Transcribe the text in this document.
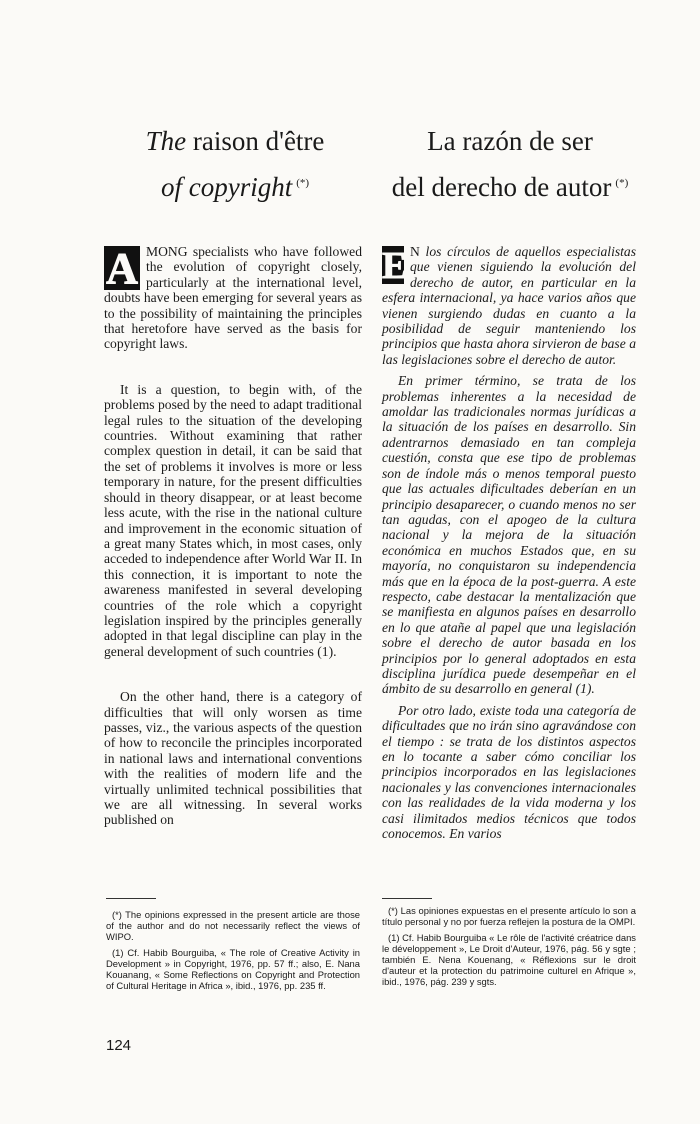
The raison d'être
of copyright (*)
La razón de ser
del derecho de autor (*)

A MONG specialists who have followed the evolution of copyright closely, particularly at the international level, doubts have been emerging for several years as to the possibility of maintaining the principles that heretofore have served as the basis for copyright laws.

It is a question, to begin with, of the problems posed by the need to adapt traditional legal rules to the situation of the developing countries. Without examining that rather complex question in detail, it can be said that the set of problems it involves is more or less temporary in nature, for the present difficulties should in theory disappear, or at least become less acute, with the rise in the national culture and improvement in the economic situation of a great many States which, in most cases, only acceded to independence after World War II. In this connection, it is important to note the awareness manifested in several developing countries of the role which a copyright legislation inspired by the principles generally adopted in that legal discipline can play in the general development of such countries (1).

On the other hand, there is a category of difficulties that will only worsen as time passes, viz., the various aspects of the question of how to reconcile the principles incorporated in national laws and international conventions with the realities of modern life and the virtually unlimited technical possibilities that we are all witnessing. In several works published on

E N los círculos de aquellos especialistas que vienen siguiendo la evolución del derecho de autor, en particular en la esfera internacional, ya hace varios años que vienen surgiendo dudas en cuanto a la posibilidad de seguir manteniendo los principios que hasta ahora sirvieron de base a las legislaciones sobre el derecho de autor.

En primer término, se trata de los problemas inherentes a la necesidad de amoldar las tradicionales normas jurídicas a la situación de los países en desarrollo. Sin adentrarnos demasiado en tan compleja cuestión, consta que ese tipo de problemas son de índole más o menos temporal puesto que las actuales dificultades deberían en un principio desaparecer, o cuando menos no ser tan agudas, con el apogeo de la cultura nacional y la mejora de la situación económica en muchos Estados que, en su mayoría, no conquistaron su independencia más que en la época de la post-guerra. A este respecto, cabe destacar la mentalización que se manifiesta en algunos países en desarrollo en lo que atañe al papel que una legislación sobre el derecho de autor basada en los principios por lo general adoptados en esta disciplina jurídica puede desempeñar en el ámbito de su desarrollo en general (1).

Por otro lado, existe toda una categoría de dificultades que no irán sino agravándose con el tiempo : se trata de los distintos aspectos en lo tocante a saber cómo conciliar los principios incorporados en las legislaciones nacionales y las convenciones internacionales con las realidades de la vida moderna y los casi ilimitados medios técnicos que todos conocemos. En varios

(*) The opinions expressed in the present article are those of the author and do not necessarily reflect the views of WIPO.

(1) Cf. Habib Bourguiba, « The role of Creative Activity in Development » in Copyright, 1976, pp. 57 ff.; also, E. Nana Kouanang, « Some Reflections on Copyright and Protection of Cultural Heritage in Africa », ibid., 1976, pp. 235 ff.

(*) Las opiniones expuestas en el presente artículo lo son a título personal y no por fuerza reflejen la postura de la OMPI.

(1) Cf. Habib Bourguiba « Le rôle de l'activité créatrice dans le développement », Le Droit d'Auteur, 1976, pág. 56 y sgte ; también E. Nena Kouenang, « Réflexions sur le droit d'auteur et la protection du patrimoine culturel en Afrique », ibid., 1976, pág. 239 y sgts.

124
